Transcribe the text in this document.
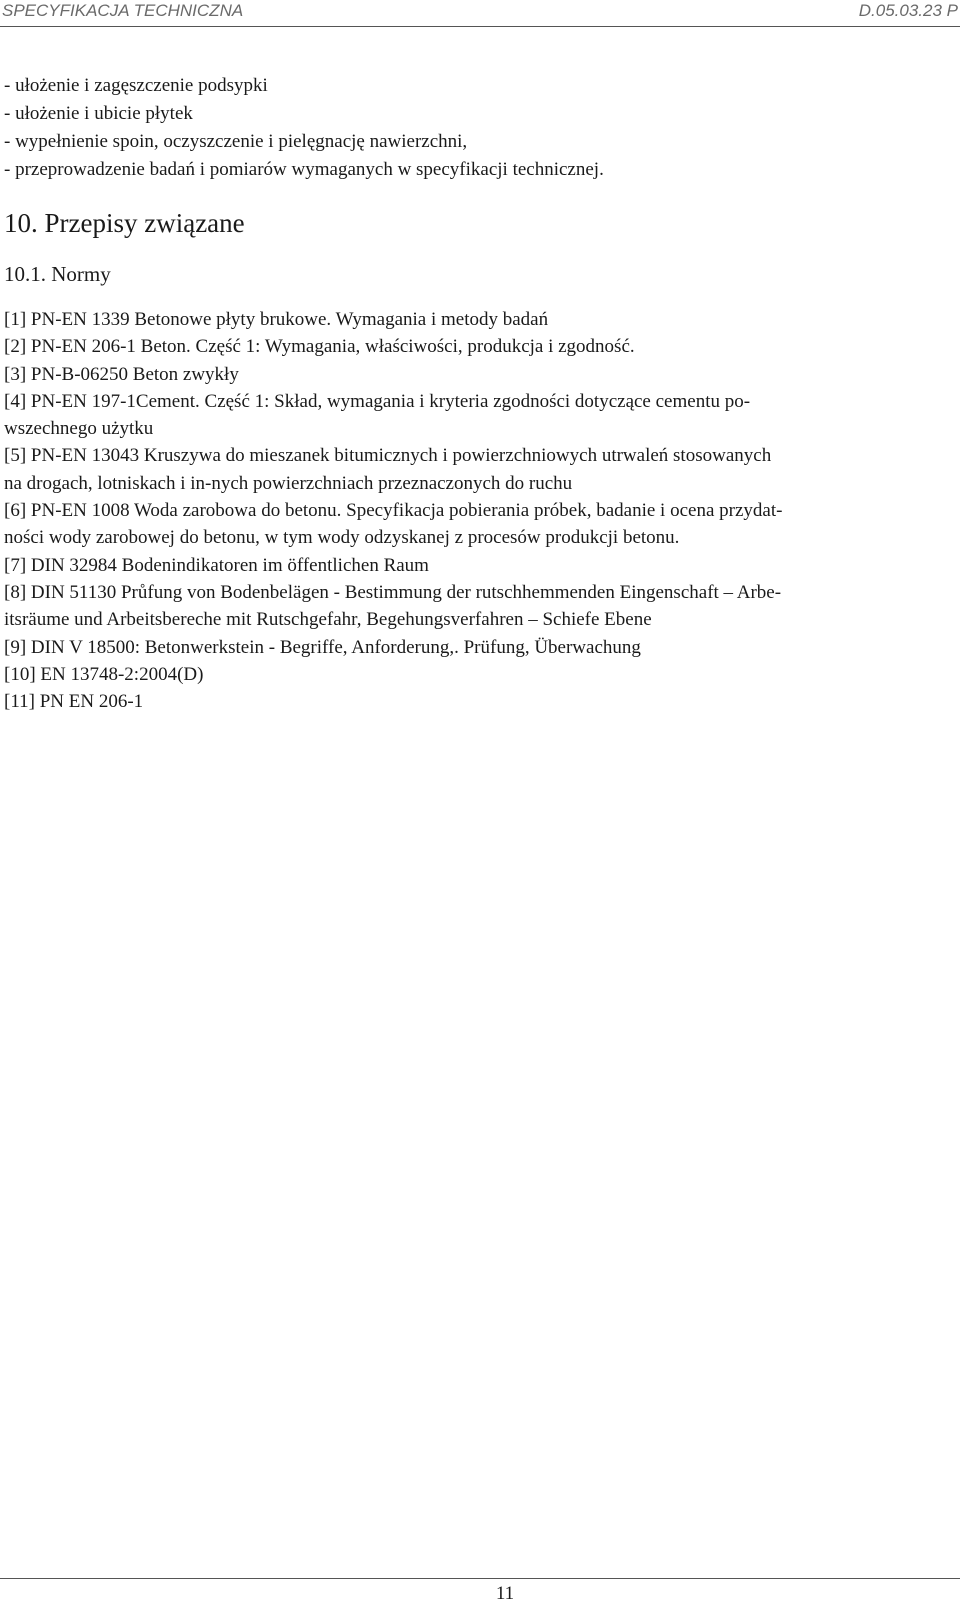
SPECYFIKACJA TECHNICZNA	D.05.03.23 P
- ułożenie i zagęszczenie podsypki
- ułożenie i ubicie płytek
- wypełnienie spoin, oczyszczenie i pielęgnację nawierzchni,
- przeprowadzenie badań i pomiarów wymaganych w specyfikacji technicznej.
10. Przepisy związane
10.1. Normy
[1] PN-EN 1339 Betonowe płyty brukowe. Wymagania i metody badań
[2] PN-EN 206-1 Beton. Część 1: Wymagania, właściwości, produkcja i zgodność.
[3] PN-B-06250 Beton zwykły
[4] PN-EN 197-1Cement. Część 1: Skład, wymagania i kryteria zgodności dotyczące cementu po-
wszechnego użytku
[5] PN-EN 13043 Kruszywa do mieszanek bitumicznych i powierzchniowych utrwaleń stosowanych
na drogach, lotniskach i in-nych powierzchniach przeznaczonych do ruchu
[6] PN-EN 1008 Woda zarobowa do betonu. Specyfikacja pobierania próbek, badanie i ocena przydat-
ności wody zarobowej do betonu, w tym wody odzyskanej z procesów produkcji betonu.
[7] DIN 32984 Bodenindikatoren im öffentlichen Raum
[8] DIN 51130 Průfung von Bodenbelägen - Bestimmung der rutschhemmenden Eingenschaft – Arbe-
itsräume und Arbeitsbereche mit Rutschgefahr, Begehungsverfahren – Schiefe Ebene
[9] DIN V 18500: Betonwerkstein - Begriffe, Anforderung,. Prüfung, Überwachung
[10] EN 13748-2:2004(D)
[11] PN EN 206-1
11
